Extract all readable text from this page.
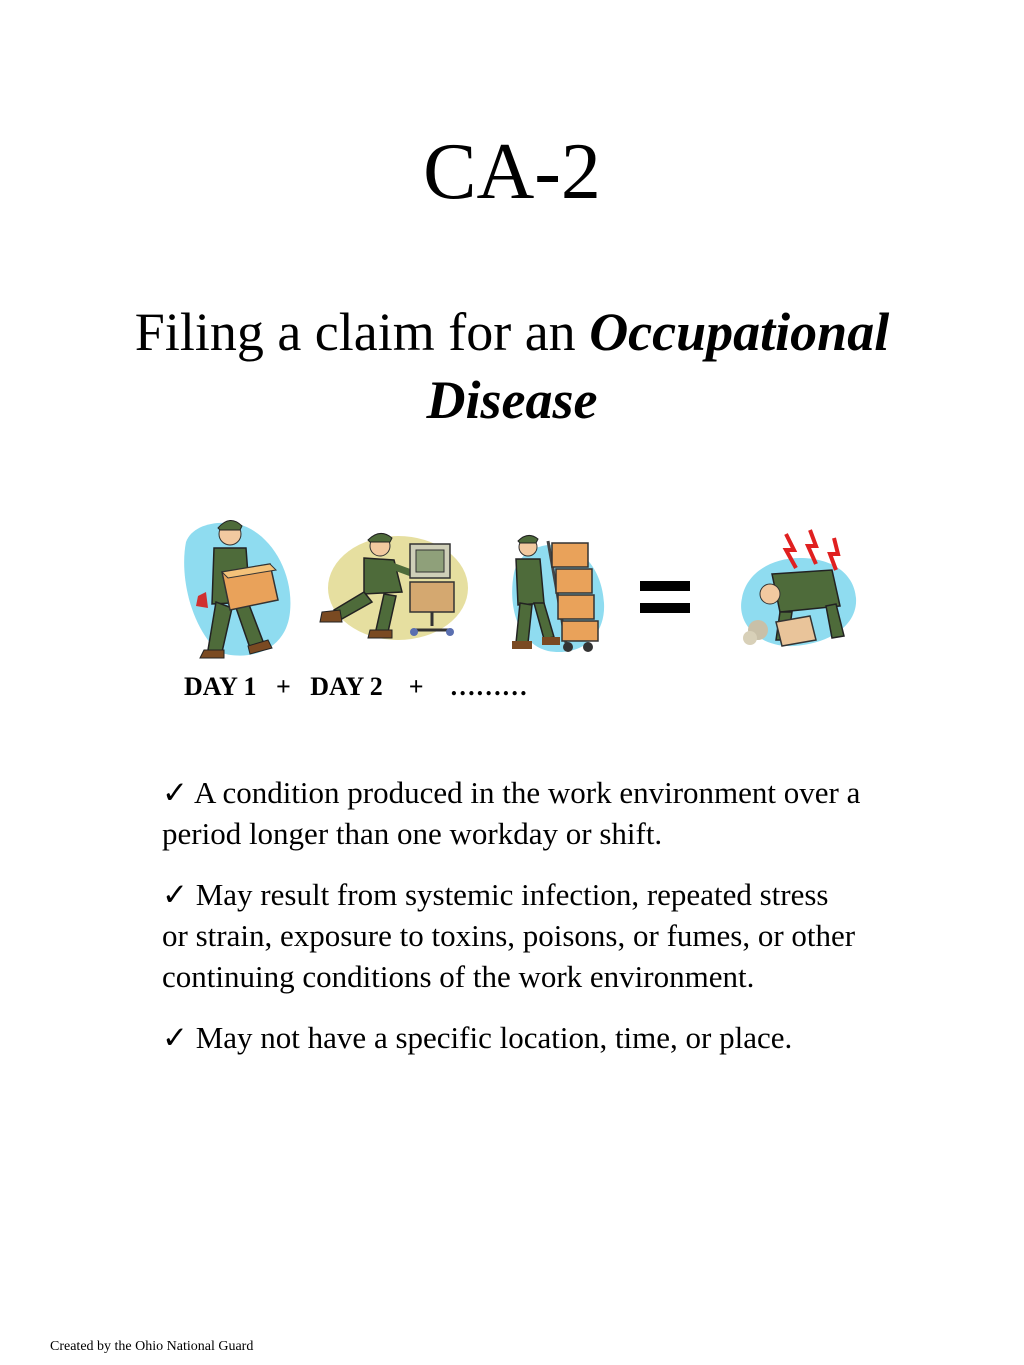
CA-2
Filing a claim for an Occupational Disease
DAY 1   +   DAY 2    +    ………
✓ A condition produced in the work environment over a period longer than one workday or shift.
✓ May result from systemic infection, repeated stress or strain, exposure to toxins, poisons, or fumes, or other continuing conditions of the work environment.
✓ May not have a specific location, time, or place.
Created by the Ohio National Guard
